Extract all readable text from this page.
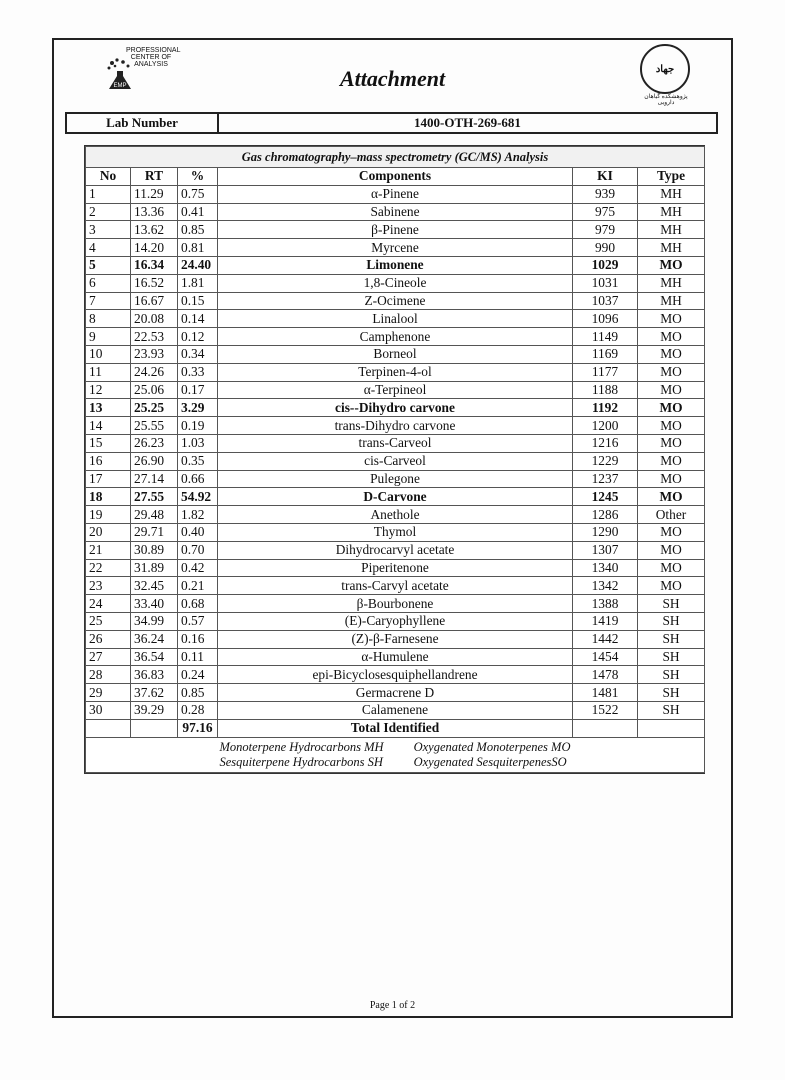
EMP
PROFESSIONAL
CENTER OF
ANALYSIS	جهاد
پژوهشکده گیاهان دارویی
Attachment
Lab Number	1400-OTH-269-681
Gas chromatography–mass spectrometry (GC/MS) Analysis					
No	RT	%	Components	KI	Type
1	11.29	0.75	α-Pinene	939	MH
2	13.36	0.41	Sabinene	975	MH
3	13.62	0.85	β-Pinene	979	MH
4	14.20	0.81	Myrcene	990	MH
5	16.34	24.40	Limonene	1029	MO
6	16.52	1.81	1,8-Cineole	1031	MH
7	16.67	0.15	Z-Ocimene	1037	MH
8	20.08	0.14	Linalool	1096	MO
9	22.53	0.12	Camphenone	1149	MO
10	23.93	0.34	Borneol	1169	MO
11	24.26	0.33	Terpinen-4-ol	1177	MO
12	25.06	0.17	α-Terpineol	1188	MO
13	25.25	3.29	cis--Dihydro carvone	1192	MO
14	25.55	0.19	trans-Dihydro carvone	1200	MO
15	26.23	1.03	trans-Carveol	1216	MO
16	26.90	0.35	cis-Carveol	1229	MO
17	27.14	0.66	Pulegone	1237	MO
18	27.55	54.92	D-Carvone	1245	MO
19	29.48	1.82	Anethole	1286	Other
20	29.71	0.40	Thymol	1290	MO
21	30.89	0.70	Dihydrocarvyl acetate	1307	MO
22	31.89	0.42	Piperitenone	1340	MO
23	32.45	0.21	trans-Carvyl acetate	1342	MO
24	33.40	0.68	β-Bourbonene	1388	SH
25	34.99	0.57	(E)-Caryophyllene	1419	SH
26	36.24	0.16	(Z)-β-Farnesene	1442	SH
27	36.54	0.11	α-Humulene	1454	SH
28	36.83	0.24	epi-Bicyclosesquiphellandrene	1478	SH
29	37.62	0.85	Germacrene D	1481	SH
30	39.29	0.28	Calamenene	1522	SH
		97.16	Total Identified		

Monoterpene Hydrocarbons MH Oxygenated Monoterpenes MO
Sesquiterpene Hydrocarbons SH Oxygenated SesquiterpenesSO					
Page 1 of 2
